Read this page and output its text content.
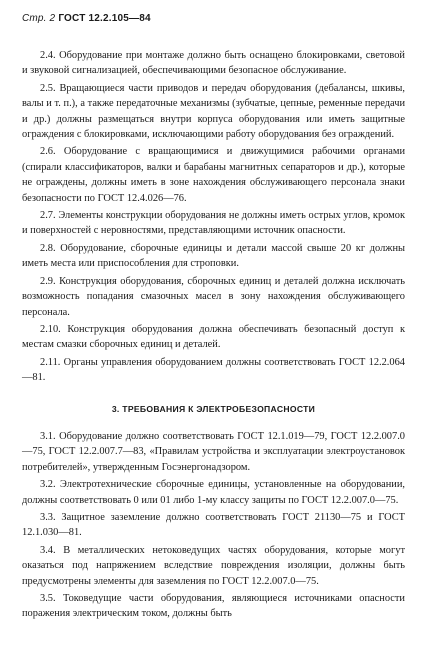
Стр. 2 ГОСТ 12.2.105—84

2.4. Оборудование при монтаже должно быть оснащено блокировками, световой и звуковой сигнализацией, обеспечивающими безопасное обслуживание.

2.5. Вращающиеся части приводов и передач оборудования (дебалансы, шкивы, валы и т. п.), а также передаточные механизмы (зубчатые, цепные, ременные передачи и др.) должны размещаться внутри корпуса оборудования или иметь защитные ограждения с блокировками, исключающими работу оборудования без ограждений.

2.6. Оборудование с вращающимися и движущимися рабочими органами (спирали классификаторов, валки и барабаны магнитных сепараторов и др.), которые не ограждены, должны иметь в зоне нахождения обслуживающего персонала знаки безопасности по ГОСТ 12.4.026—76.

2.7. Элементы конструкции оборудования не должны иметь острых углов, кромок и поверхностей с неровностями, представляющими источник опасности.

2.8. Оборудование, сборочные единицы и детали массой свыше 20 кг должны иметь места или приспособления для строповки.

2.9. Конструкция оборудования, сборочных единиц и деталей должна исключать возможность попадания смазочных масел в зону нахождения обслуживающего персонала.

2.10. Конструкция оборудования должна обеспечивать безопасный доступ к местам смазки сборочных единиц и деталей.

2.11. Органы управления оборудованием должны соответствовать ГОСТ 12.2.064—81.

3. ТРЕБОВАНИЯ К ЭЛЕКТРОБЕЗОПАСНОСТИ

3.1. Оборудование должно соответствовать ГОСТ 12.1.019—79, ГОСТ 12.2.007.0—75, ГОСТ 12.2.007.7—83, «Правилам устройства и эксплуатации электроустановок потребителей», утвержденным Госэнергонадзором.

3.2. Электротехнические сборочные единицы, установленные на оборудовании, должны соответствовать 0 или 01 либо 1-му классу защиты по ГОСТ 12.2.007.0—75.

3.3. Защитное заземление должно соответствовать ГОСТ 21130—75 и ГОСТ 12.1.030—81.

3.4. В металлических нетоковедущих частях оборудования, которые могут оказаться под напряжением вследствие повреждения изоляции, должны быть предусмотрены элементы для заземления по ГОСТ 12.2.007.0—75.

3.5. Токоведущие части оборудования, являющиеся источниками опасности поражения электрическим током, должны быть
